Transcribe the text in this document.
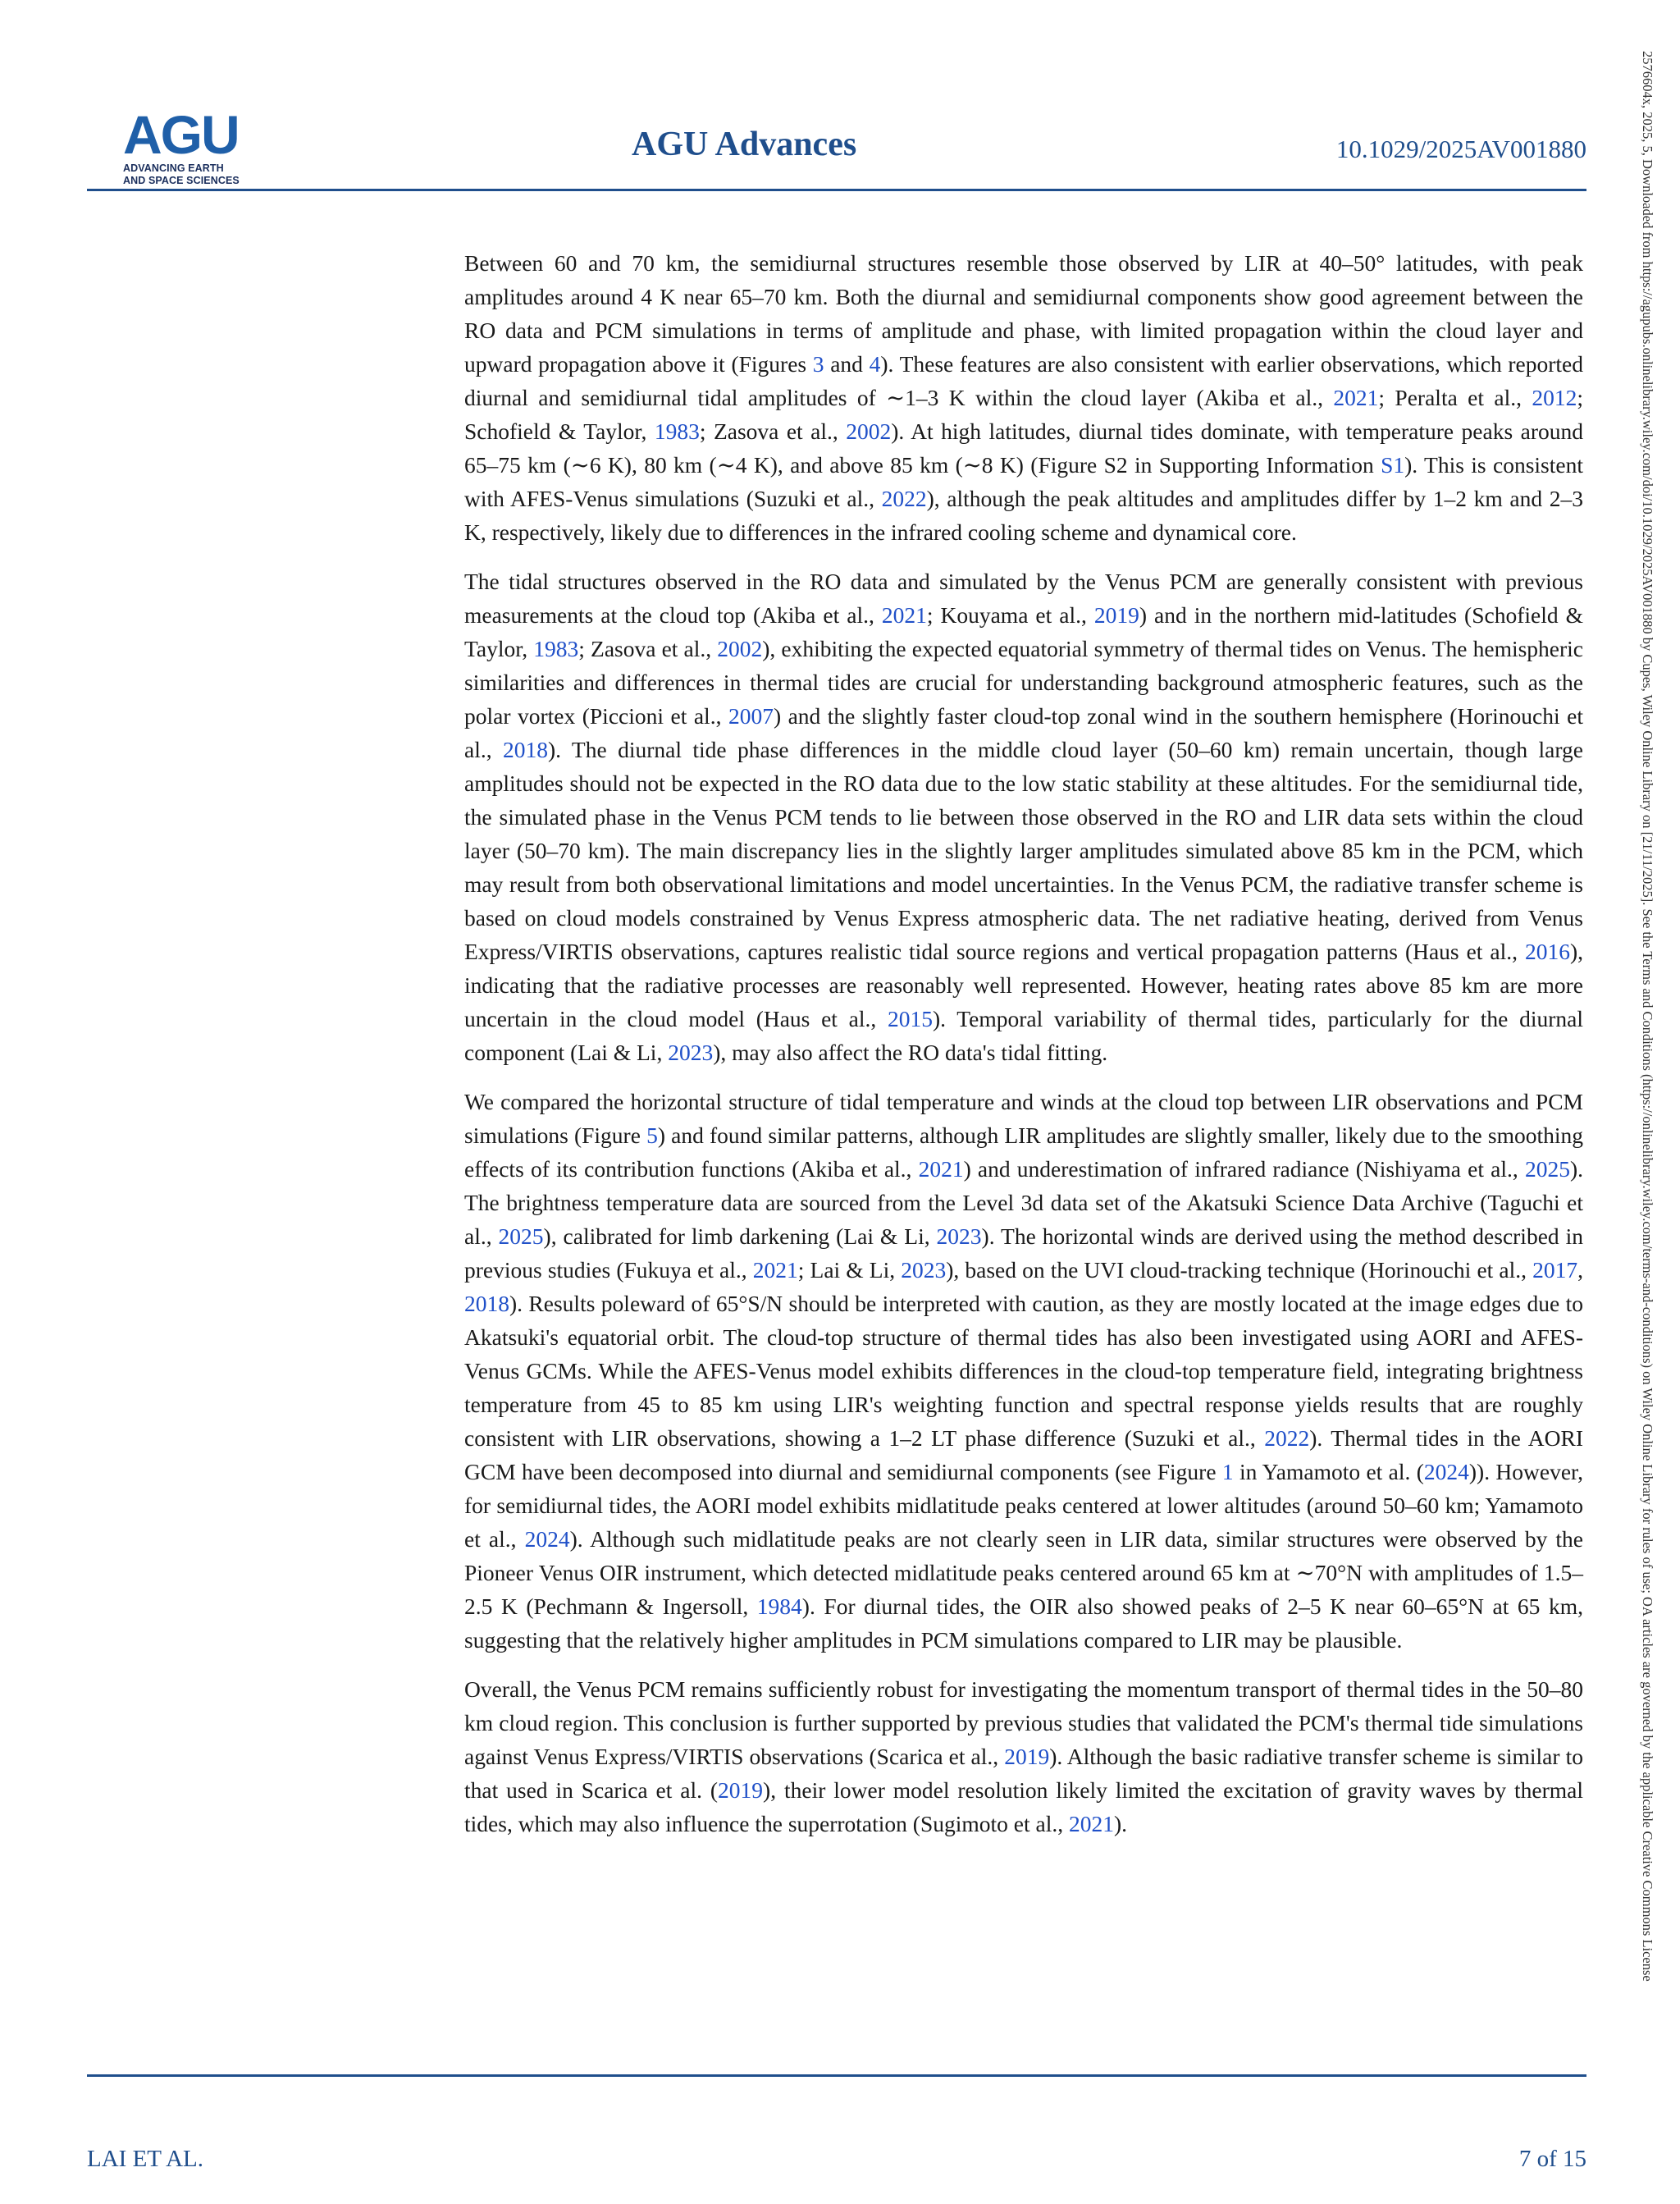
AGU
ADVANCING EARTH
AND SPACE SCIENCES
AGU Advances	10.1029/2025AV001880

Between 60 and 70 km, the semidiurnal structures resemble those observed by LIR at 40–50° latitudes, with peak amplitudes around 4 K near 65–70 km. Both the diurnal and semidiurnal components show good agreement between the RO data and PCM simulations in terms of amplitude and phase, with limited propagation within the cloud layer and upward propagation above it (Figures 3 and 4). These features are also consistent with earlier observations, which reported diurnal and semidiurnal tidal amplitudes of ∼1–3 K within the cloud layer (Akiba et al., 2021; Peralta et al., 2012; Schofield & Taylor, 1983; Zasova et al., 2002). At high latitudes, diurnal tides dominate, with temperature peaks around 65–75 km (∼6 K), 80 km (∼4 K), and above 85 km (∼8 K) (Figure S2 in Supporting Information S1). This is consistent with AFES-Venus simulations (Suzuki et al., 2022), although the peak altitudes and amplitudes differ by 1–2 km and 2–3 K, respectively, likely due to differences in the infrared cooling scheme and dynamical core.

The tidal structures observed in the RO data and simulated by the Venus PCM are generally consistent with previous measurements at the cloud top (Akiba et al., 2021; Kouyama et al., 2019) and in the northern mid-latitudes (Schofield & Taylor, 1983; Zasova et al., 2002), exhibiting the expected equatorial symmetry of thermal tides on Venus. The hemispheric similarities and differences in thermal tides are crucial for understanding background atmospheric features, such as the polar vortex (Piccioni et al., 2007) and the slightly faster cloud-top zonal wind in the southern hemisphere (Horinouchi et al., 2018). The diurnal tide phase differences in the middle cloud layer (50–60 km) remain uncertain, though large amplitudes should not be expected in the RO data due to the low static stability at these altitudes. For the semidiurnal tide, the simulated phase in the Venus PCM tends to lie between those observed in the RO and LIR data sets within the cloud layer (50–70 km). The main discrepancy lies in the slightly larger amplitudes simulated above 85 km in the PCM, which may result from both observational limitations and model uncertainties. In the Venus PCM, the radiative transfer scheme is based on cloud models constrained by Venus Express atmospheric data. The net radiative heating, derived from Venus Express/VIRTIS observations, captures realistic tidal source regions and vertical propagation patterns (Haus et al., 2016), indicating that the radiative processes are reasonably well represented. However, heating rates above 85 km are more uncertain in the cloud model (Haus et al., 2015). Temporal variability of thermal tides, particularly for the diurnal component (Lai & Li, 2023), may also affect the RO data's tidal fitting.

We compared the horizontal structure of tidal temperature and winds at the cloud top between LIR observations and PCM simulations (Figure 5) and found similar patterns, although LIR amplitudes are slightly smaller, likely due to the smoothing effects of its contribution functions (Akiba et al., 2021) and underestimation of infrared radiance (Nishiyama et al., 2025). The brightness temperature data are sourced from the Level 3d data set of the Akatsuki Science Data Archive (Taguchi et al., 2025), calibrated for limb darkening (Lai & Li, 2023). The horizontal winds are derived using the method described in previous studies (Fukuya et al., 2021; Lai & Li, 2023), based on the UVI cloud-tracking technique (Horinouchi et al., 2017, 2018). Results poleward of 65°S/N should be interpreted with caution, as they are mostly located at the image edges due to Akatsuki's equatorial orbit. The cloud-top structure of thermal tides has also been investigated using AORI and AFES-Venus GCMs. While the AFES-Venus model exhibits differences in the cloud-top temperature field, integrating brightness temperature from 45 to 85 km using LIR's weighting function and spectral response yields results that are roughly consistent with LIR observations, showing a 1–2 LT phase difference (Suzuki et al., 2022). Thermal tides in the AORI GCM have been decomposed into diurnal and semidiurnal components (see Figure 1 in Yamamoto et al. (2024)). However, for semidiurnal tides, the AORI model exhibits midlatitude peaks centered at lower altitudes (around 50–60 km; Yamamoto et al., 2024). Although such midlatitude peaks are not clearly seen in LIR data, similar structures were observed by the Pioneer Venus OIR instrument, which detected midlatitude peaks centered around 65 km at ∼70°N with amplitudes of 1.5–2.5 K (Pechmann & Ingersoll, 1984). For diurnal tides, the OIR also showed peaks of 2–5 K near 60–65°N at 65 km, suggesting that the relatively higher amplitudes in PCM simulations compared to LIR may be plausible.

Overall, the Venus PCM remains sufficiently robust for investigating the momentum transport of thermal tides in the 50–80 km cloud region. This conclusion is further supported by previous studies that validated the PCM's thermal tide simulations against Venus Express/VIRTIS observations (Scarica et al., 2019). Although the basic radiative transfer scheme is similar to that used in Scarica et al. (2019), their lower model resolution likely limited the excitation of gravity waves by thermal tides, which may also influence the superrotation (Sugimoto et al., 2021).

LAI ET AL.	7 of 15
2576604x, 2025, 5, Downloaded from https://agupubs.onlinelibrary.wiley.com/doi/10.1029/2025AV001880 by Cupes, Wiley Online Library on [21/11/2025]. See the Terms and Conditions (https://onlinelibrary.wiley.com/terms-and-conditions) on Wiley Online Library for rules of use; OA articles are governed by the applicable Creative Commons License
